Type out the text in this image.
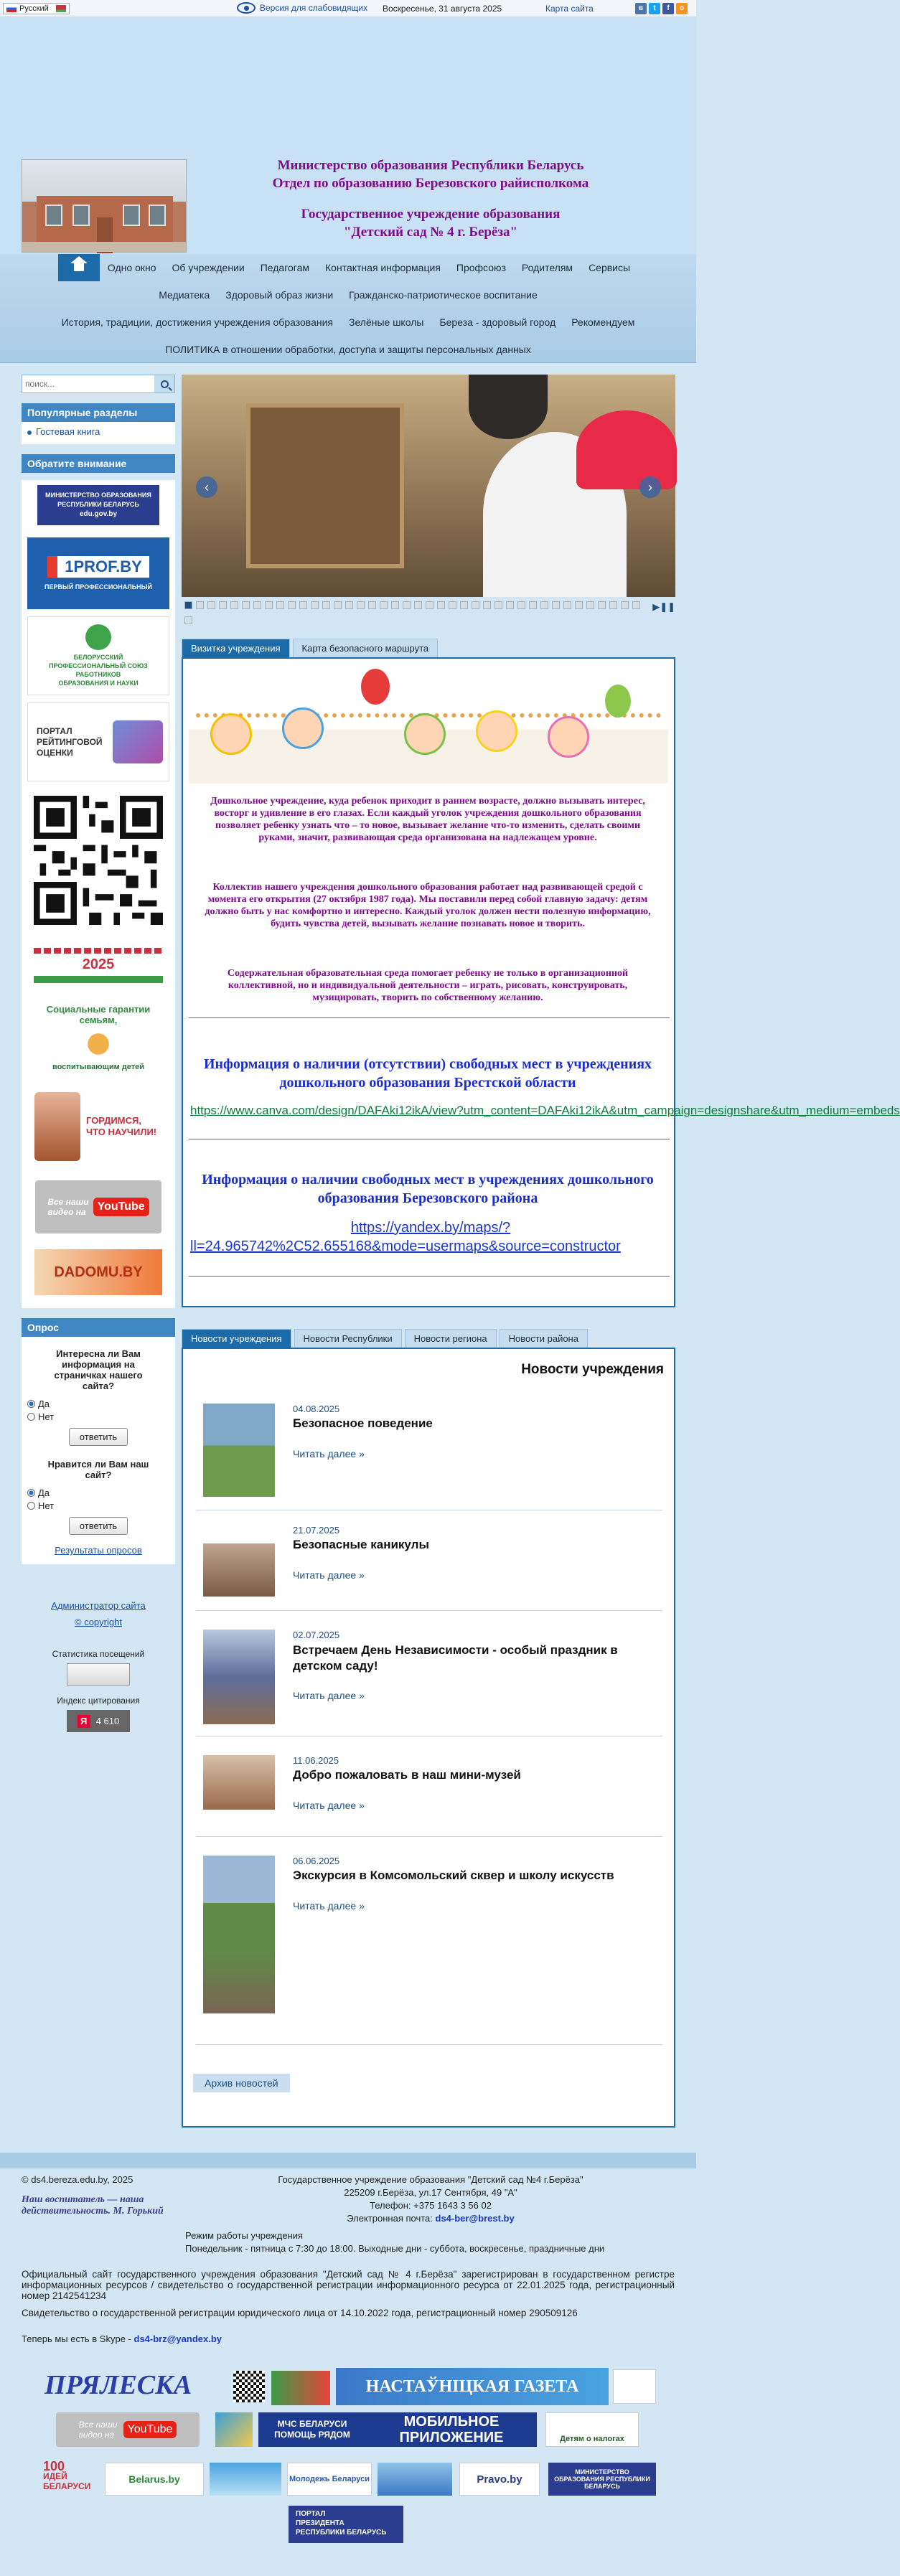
Русский	Версия для слабовидящих Воскресенье, 31 августа 2025	Карта сайта	в	t	f	о
Министерство образования Республики Беларусь
Отдел по образованию Березовского райисполкома
Государственное учреждение образования
"Детский сад № 4 г. Берёза"
Одно окно	Об учреждении	Педагогам	Контактная информация	Профсоюз	Родителям	Сервисы
Медиатека	Здоровый образ жизни	Гражданско-патриотическое воспитание
История, традиции, достижения учреждения образования	Зелёные школы	Береза - здоровый город	Рекомендуем
ПОЛИТИКА в отношении обработки, доступа и защиты персональных данных
поиск...
Популярные разделы
Гостевая книга
Обратите внимание
МИНИСТЕРСТВО ОБРАЗОВАНИЯ
РЕСПУБЛИКИ БЕЛАРУСЬ
edu.gov.by
1PROF.BY
ПЕРВЫЙ ПРОФЕССИОНАЛЬНЫЙ
БЕЛОРУССКИЙ
ПРОФЕССИОНАЛЬНЫЙ СОЮЗ
РАБОТНИКОВ
ОБРАЗОВАНИЯ И НАУКИ
ПОРТАЛ
РЕЙТИНГОВОЙ
ОЦЕНКИ
2025
Социальные гарантии семьям,
воспитывающим детей
ГОРДИМСЯ,
ЧТО НАУЧИЛИ!
Все наши
видео на YouTube
DADOMU.BY
Опрос
Интересна ли Вам информация на страничках нашего сайта?
Да
Нет
ответить
Нравится ли Вам наш сайт?
Да
Нет
ответить
Результаты опросов
Администратор сайта
© copyright
Статистика посещений
Индекс цитирования
Я 4 610
‹	›
▶❚❚
Визитка учреждения	Карта безопасного маршрута
Дошкольное учреждение, куда ребенок приходит в раннем возрасте, должно вызывать интерес, восторг и удивление в его глазах. Если каждый уголок учреждения дошкольного образования позволяет ребенку узнать что – то новое, вызывает желание что-то изменить, сделать своими руками, значит, развивающая среда организована на надлежащем уровне.
Коллектив нашего учреждения дошкольного образования работает над развивающей средой с момента его открытия (27 октября 1987 года). Мы поставили перед собой главную задачу: детям должно быть у нас комфортно и интересно. Каждый уголок должен нести полезную информацию, будить чувства детей, вызывать желание познавать новое и творить.
Содержательная образовательная среда помогает ребенку не только в организационной коллективной, но и индивидуальной деятельности – играть, рисовать, конструировать, музицировать, творить по собственному желанию.
Информация о наличии (отсутствии) свободных мест в учреждениях дошкольного образования Брестской области
https://www.canva.com/design/DAFAki12ikA/view?utm_content=DAFAki12ikA&utm_campaign=designshare&utm_medium=embeds
Информация о наличии свободных мест в учреждениях дошкольного образования Березовского района
https://yandex.by/maps/?
ll=24.965742%2C52.655168&mode=usermaps&source=constructor
Новости учреждения	Новости Республики	Новости региона	Новости района
Новости учреждения
04.08.2025
Безопасное поведение
Читать далее »
21.07.2025
Безопасные каникулы
Читать далее »
02.07.2025
Встречаем День Независимости - особый праздник в детском саду!
Читать далее »
11.06.2025
Добро пожаловать в наш мини-музей
Читать далее »
06.06.2025
Экскурсия в Комсомольский сквер и школу искусств
Читать далее »
Архив новостей
© ds4.bereza.edu.by, 2025
Наш воспитатель — наша действительность. М. Горький
Государственное учреждение образования "Детский сад №4 г.Берёза"
225209 г.Берёза, ул.17 Сентября, 49 "А"
Телефон: +375 1643 3 56 02
Электронная почта: ds4-ber@brest.by
Режим работы учреждения
Понедельник - пятница с 7:30 до 18:00. Выходные дни - суббота, воскресенье, праздничные дни
Официальный сайт государственного учреждения образования "Детский сад № 4 г.Берёза" зарегистрирован в государственном регистре информационных ресурсов / свидетельство о государственной регистрации информационного ресурса от 22.01.2025 года, регистрационный номер 2142541234
Свидетельство о государственной регистрации юридического лица от 14.10.2022 года, регистрационный номер 290509126
Теперь мы есть в Skype - ds4-brz@yandex.by
ПРЯЛЕСКА	НАСТАЎНІЦКАЯ ГАЗЕТА
Все наши
видео на	YouTube	МЧС БЕЛАРУСИ
ПОМОЩЬ РЯДОМ
МОБИЛЬНОЕ
ПРИЛОЖЕНИЕ	Детям о налогах
100
ИДЕЙ
БЕЛАРУСИ
Belarus.by	Молодежь Беларуси	Pravo.by
МИНИСТЕРСТВО ОБРАЗОВАНИЯ РЕСПУБЛИКИ БЕЛАРУСЬ
ПОРТАЛ
ПРЕЗИДЕНТА
РЕСПУБЛИКИ БЕЛАРУСЬ
